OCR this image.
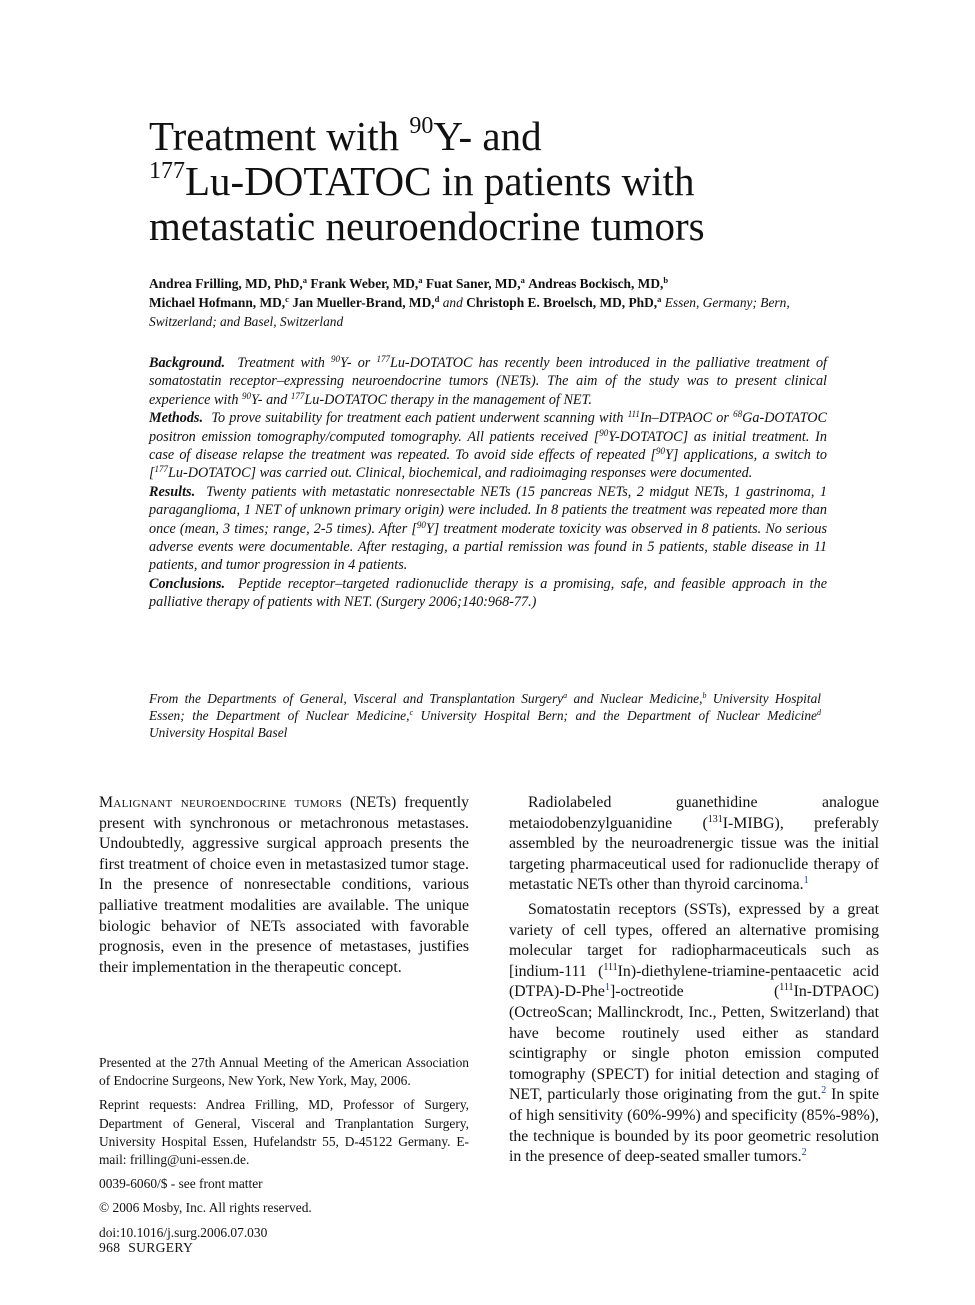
Treatment with $^{90}$Y- and
$^{177}$Lu-DOTATOC in patients with metastatic neuroendocrine tumors
Andrea Frilling, MD, PhD,$^a$ Frank Weber, MD,$^a$ Fuat Saner, MD,$^a$ Andreas Bockisch, MD,$^b$
Michael Hofmann, MD,$^c$ Jan Mueller-Brand, MD,$^d$ and Christoph E. Broelsch, MD, PhD,$^a$ Essen, Germany; Bern, Switzerland; and Basel, Switzerland

Background. Treatment with $^{90}$Y- or $^{177}$Lu-DOTATOC has recently been introduced in the palliative treatment of somatostatin receptor–expressing neuroendocrine tumors (NETs). The aim of the study was to present clinical experience with $^{90}$Y- and $^{177}$Lu-DOTATOC therapy in the management of NET.

Methods. To prove suitability for treatment each patient underwent scanning with $^{111}$In–DTPAOC or $^{68}$Ga-DOTATOC positron emission tomography/computed tomography. All patients received [$^{90}$Y-DOTATOC] as initial treatment. In case of disease relapse the treatment was repeated. To avoid side effects of repeated [$^{90}$Y] applications, a switch to [$^{177}$Lu-DOTATOC] was carried out. Clinical, biochemical, and radioimaging responses were documented.

Results. Twenty patients with metastatic nonresectable NETs (15 pancreas NETs, 2 midgut NETs, 1 gastrinoma, 1 paraganglioma, 1 NET of unknown primary origin) were included. In 8 patients the treatment was repeated more than once (mean, 3 times; range, 2-5 times). After [$^{90}$Y] treatment moderate toxicity was observed in 8 patients. No serious adverse events were documentable. After restaging, a partial remission was found in 5 patients, stable disease in 11 patients, and tumor progression in 4 patients.

Conclusions. Peptide receptor–targeted radionuclide therapy is a promising, safe, and feasible approach in the palliative therapy of patients with NET. (Surgery 2006;140:968-77.)

From the Departments of General, Visceral and Transplantation Surgery$^a$ and Nuclear Medicine,$^b$ University Hospital Essen; the Department of Nuclear Medicine,$^c$ University Hospital Bern; and the Department of Nuclear Medicine$^d$ University Hospital Basel

Malignant neuroendocrine tumors (NETs) frequently present with synchronous or metachronous metastases. Undoubtedly, aggressive surgical approach presents the first treatment of choice even in metastasized tumor stage. In the presence of nonresectable conditions, various palliative treatment modalities are available. The unique biologic behavior of NETs associated with favorable prognosis, even in the presence of metastases, justifies their implementation in the therapeutic concept.

Radiolabeled guanethidine analogue metaiodobenzylguanidine ($^{131}$I-MIBG), preferably assembled by the neuroadrenergic tissue was the initial targeting pharmaceutical used for radionuclide therapy of metastatic NETs other than thyroid carcinoma.$^1$

Somatostatin receptors (SSTs), expressed by a great variety of cell types, offered an alternative promising molecular target for radiopharmaceuticals such as [indium-111 ($^{111}$In)-diethylene-triamine-pentaacetic acid (DTPA)-D-Phe$^1$]-octreotide ($^{111}$In-DTPAOC) (OctreoScan; Mallinckrodt, Inc., Petten, Switzerland) that have become routinely used either as standard scintigraphy or single photon emission computed tomography (SPECT) for initial detection and staging of NET, particularly those originating from the gut.$^2$ In spite of high sensitivity (60%-99%) and specificity (85%-98%), the technique is bounded by its poor geometric resolution in the presence of deep-seated smaller tumors.$^2$

Presented at the 27th Annual Meeting of the American Association of Endocrine Surgeons, New York, New York, May, 2006.

Reprint requests: Andrea Frilling, MD, Professor of Surgery, Department of General, Visceral and Tranplantation Surgery, University Hospital Essen, Hufelandstr 55, D-45122 Germany. E-mail: frilling@uni-essen.de.

0039-6060/$ - see front matter

© 2006 Mosby, Inc. All rights reserved.

doi:10.1016/j.surg.2006.07.030

968 SURGERY
